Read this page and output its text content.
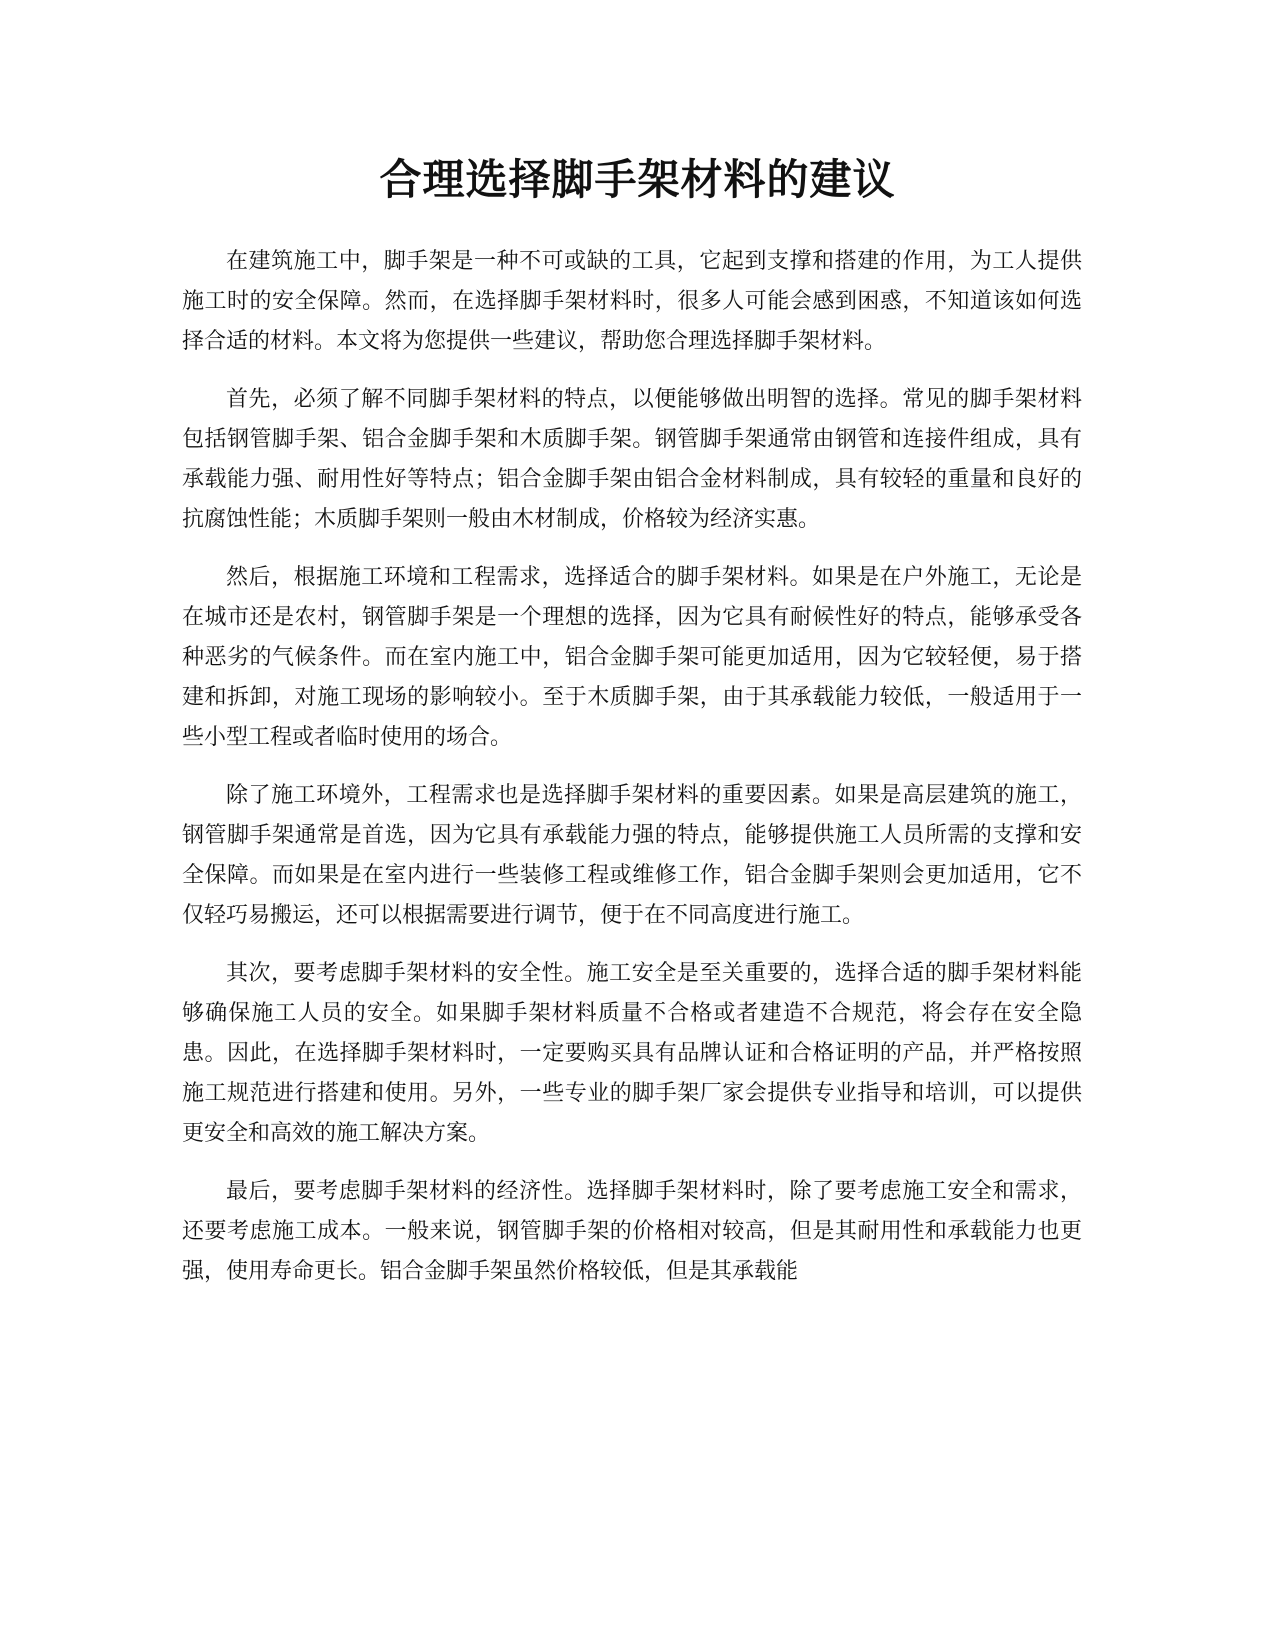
合理选择脚手架材料的建议

在建筑施工中，脚手架是一种不可或缺的工具，它起到支撑和搭建的作用，为工人提供施工时的安全保障。然而，在选择脚手架材料时，很多人可能会感到困惑，不知道该如何选择合适的材料。本文将为您提供一些建议，帮助您合理选择脚手架材料。

首先，必须了解不同脚手架材料的特点，以便能够做出明智的选择。常见的脚手架材料包括钢管脚手架、铝合金脚手架和木质脚手架。钢管脚手架通常由钢管和连接件组成，具有承载能力强、耐用性好等特点；铝合金脚手架由铝合金材料制成，具有较轻的重量和良好的抗腐蚀性能；木质脚手架则一般由木材制成，价格较为经济实惠。

然后，根据施工环境和工程需求，选择适合的脚手架材料。如果是在户外施工，无论是在城市还是农村，钢管脚手架是一个理想的选择，因为它具有耐候性好的特点，能够承受各种恶劣的气候条件。而在室内施工中，铝合金脚手架可能更加适用，因为它较轻便，易于搭建和拆卸，对施工现场的影响较小。至于木质脚手架，由于其承载能力较低，一般适用于一些小型工程或者临时使用的场合。

除了施工环境外，工程需求也是选择脚手架材料的重要因素。如果是高层建筑的施工，钢管脚手架通常是首选，因为它具有承载能力强的特点，能够提供施工人员所需的支撑和安全保障。而如果是在室内进行一些装修工程或维修工作，铝合金脚手架则会更加适用，它不仅轻巧易搬运，还可以根据需要进行调节，便于在不同高度进行施工。

其次，要考虑脚手架材料的安全性。施工安全是至关重要的，选择合适的脚手架材料能够确保施工人员的安全。如果脚手架材料质量不合格或者建造不合规范，将会存在安全隐患。因此，在选择脚手架材料时，一定要购买具有品牌认证和合格证明的产品，并严格按照施工规范进行搭建和使用。另外，一些专业的脚手架厂家会提供专业指导和培训，可以提供更安全和高效的施工解决方案。

最后，要考虑脚手架材料的经济性。选择脚手架材料时，除了要考虑施工安全和需求，还要考虑施工成本。一般来说，钢管脚手架的价格相对较高，但是其耐用性和承载能力也更强，使用寿命更长。铝合金脚手架虽然价格较低，但是其承载能
